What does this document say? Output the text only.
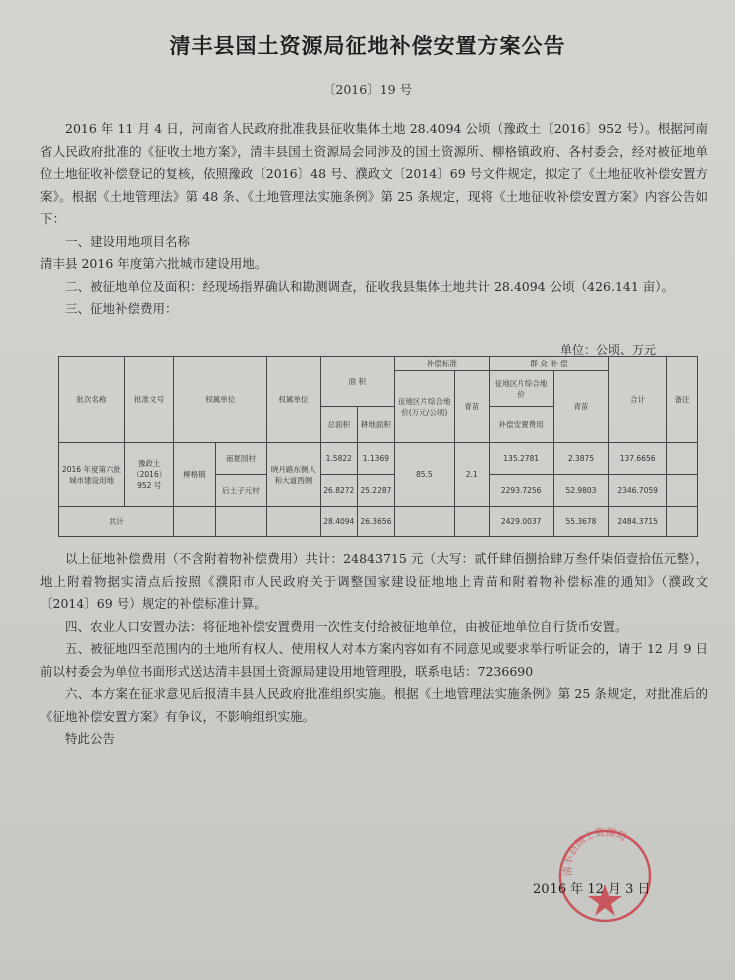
清丰县国土资源局征地补偿安置方案公告
〔2016〕19 号

2016 年 11 月 4 日，河南省人民政府批准我县征收集体土地 28.4094 公顷（豫政土〔2016〕952 号）。根据河南省人民政府批准的《征收土地方案》，清丰县国土资源局会同涉及的国土资源所、柳格镇政府、各村委会，经对被征地单位土地征收补偿登记的复核，依照豫政〔2016〕48 号、濮政文〔2014〕69 号文件规定，拟定了《土地征收补偿安置方案》。根据《土地管理法》第 48 条、《土地管理法实施条例》第 25 条规定，现将《土地征收补偿安置方案》内容公告如下：

一、建设用地项目名称

清丰县 2016 年度第六批城市建设用地。

二、被征地单位及面积：经现场指界确认和勘测调查，征收我县集体土地共计 28.4094 公顷（426.141 亩）。

三、征地补偿费用：

单位：公顷、万元
批次名称	批准文号	权属单位		权属单位	面 积		补偿标准		群 众 补 偿		合计	备注
							征地区片综合地价(万元/公顷)	青苗	征地区片综合地价	青苗		
					总面积	耕地面积			补偿安置费用			
2016 年度第六批城市建设用地	豫政土（2016）952 号	柳格镇	南夏园村	晓月路东侧人和大道西侧	1.5822	1.1369	85.5	2.1	135.2781	2.3875	137.6656	
			后土子元村		26.8272	25.2287			2293.7256	52.9803	2346.7059	
共计					28.4094	26.3656			2429.0037	55.3678	2484.3715	

以上征地补偿费用（不含附着物补偿费用）共计：24843715 元（大写：贰仟肆佰捌拾肆万叁仟柒佰壹拾伍元整），地上附着物据实清点后按照《濮阳市人民政府关于调整国家建设征地地上青苗和附着物补偿标准的通知》（濮政文〔2014〕69 号）规定的补偿标准计算。

四、农业人口安置办法：将征地补偿安置费用一次性支付给被征地单位，由被征地单位自行货币安置。

五、被征地四至范围内的土地所有权人、使用权人对本方案内容如有不同意见或要求举行听证会的，请于 12 月 9 日前以村委会为单位书面形式送达清丰县国土资源局建设用地管理股，联系电话：7236690

六、本方案在征求意见后报清丰县人民政府批准组织实施。根据《土地管理法实施条例》第 25 条规定，对批准后的《征地补偿安置方案》有争议，不影响组织实施。

特此公告

清丰县国土资源局
2016 年 12 月 3 日
